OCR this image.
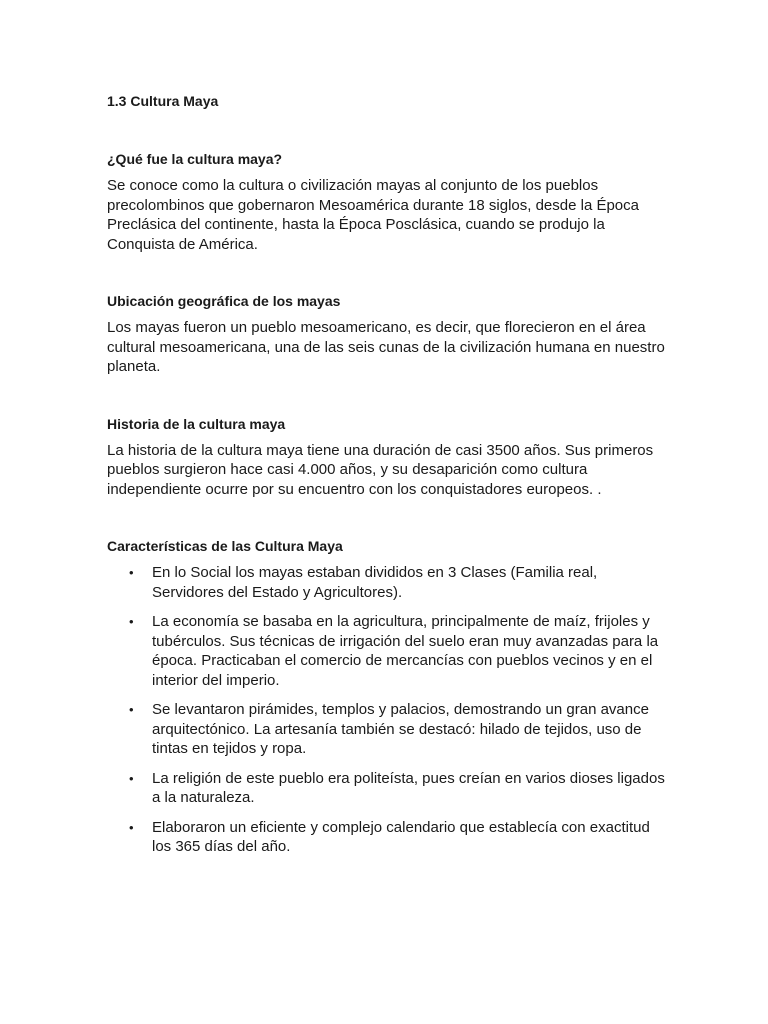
1.3 Cultura Maya
¿Qué fue la cultura maya?

Se conoce como la cultura o civilización mayas al conjunto de los pueblos precolombinos que gobernaron Mesoamérica durante 18 siglos, desde la Época Preclásica del continente, hasta la Época Posclásica, cuando se produjo la Conquista de América.

Ubicación geográfica de los mayas

Los mayas fueron un pueblo mesoamericano, es decir, que florecieron en el área cultural mesoamericana, una de las seis cunas de la civilización humana en nuestro planeta.

Historia de la cultura maya

La historia de la cultura maya tiene una duración de casi 3500 años. Sus primeros pueblos surgieron hace casi 4.000 años, y su desaparición como cultura independiente ocurre por su encuentro con los conquistadores europeos. .

Características de las Cultura Maya
• En lo Social los mayas estaban divididos en 3 Clases (Familia real, Servidores del Estado y Agricultores).
• La economía se basaba en la agricultura, principalmente de maíz, frijoles y tubérculos. Sus técnicas de irrigación del suelo eran muy avanzadas para la época. Practicaban el comercio de mercancías con pueblos vecinos y en el interior del imperio.
• Se levantaron pirámides, templos y palacios, demostrando un gran avance arquitectónico. La artesanía también se destacó: hilado de tejidos, uso de tintas en tejidos y ropa.
• La religión de este pueblo era politeísta, pues creían en varios dioses ligados a la naturaleza.
• Elaboraron un eficiente y complejo calendario que establecía con exactitud los 365 días del año.
